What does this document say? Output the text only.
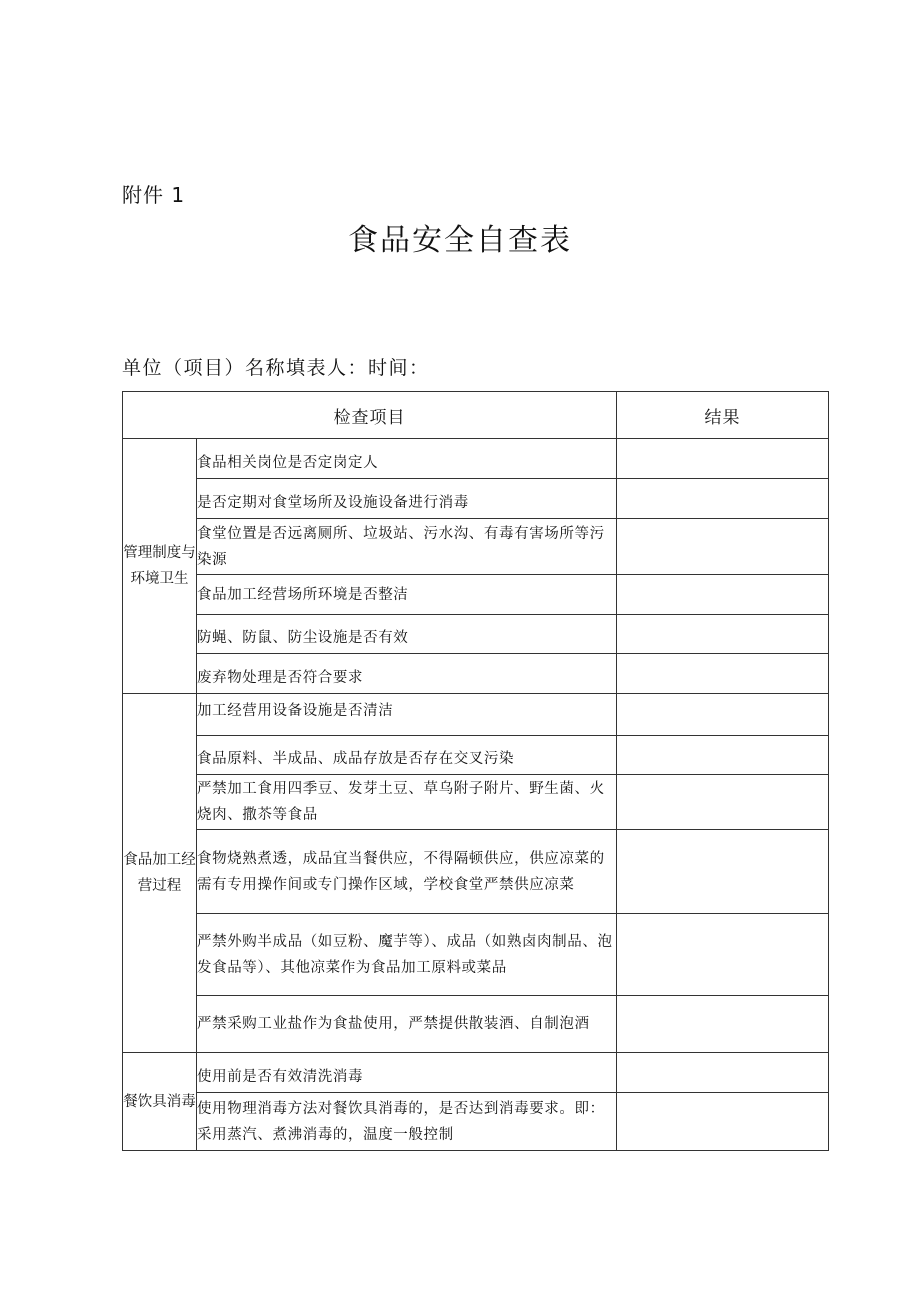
附件 1
食品安全自查表
单位（项目）名称填表人：时间：
检查项目		结果
管理制度与环境卫生	食品相关岗位是否定岗定人	
	是否定期对食堂场所及设施设备进行消毒	
	食堂位置是否远离厕所、垃圾站、污水沟、有毒有害场所等污染源	
	食品加工经营场所环境是否整洁	
	防蝇、防鼠、防尘设施是否有效	
	废弃物处理是否符合要求	
食品加工经营过程	加工经营用设备设施是否清洁	
	食品原料、半成品、成品存放是否存在交叉污染	
	严禁加工食用四季豆、发芽土豆、草乌附子附片、野生菌、火烧肉、撒苶等食品	
	食物烧熟煮透，成品宜当餐供应，不得隔顿供应，供应凉菜的需有专用操作间或专门操作区域，学校食堂严禁供应凉菜	
	严禁外购半成品（如豆粉、魔芋等）、成品（如熟卤肉制品、泡发食品等）、其他凉菜作为食品加工原料或菜品	
	严禁采购工业盐作为食盐使用，严禁提供散装酒、自制泡酒	
餐饮具消毒	使用前是否有效清洗消毒	
	使用物理消毒方法对餐饮具消毒的，是否达到消毒要求。即：采用蒸汽、煮沸消毒的，温度一般控制	
